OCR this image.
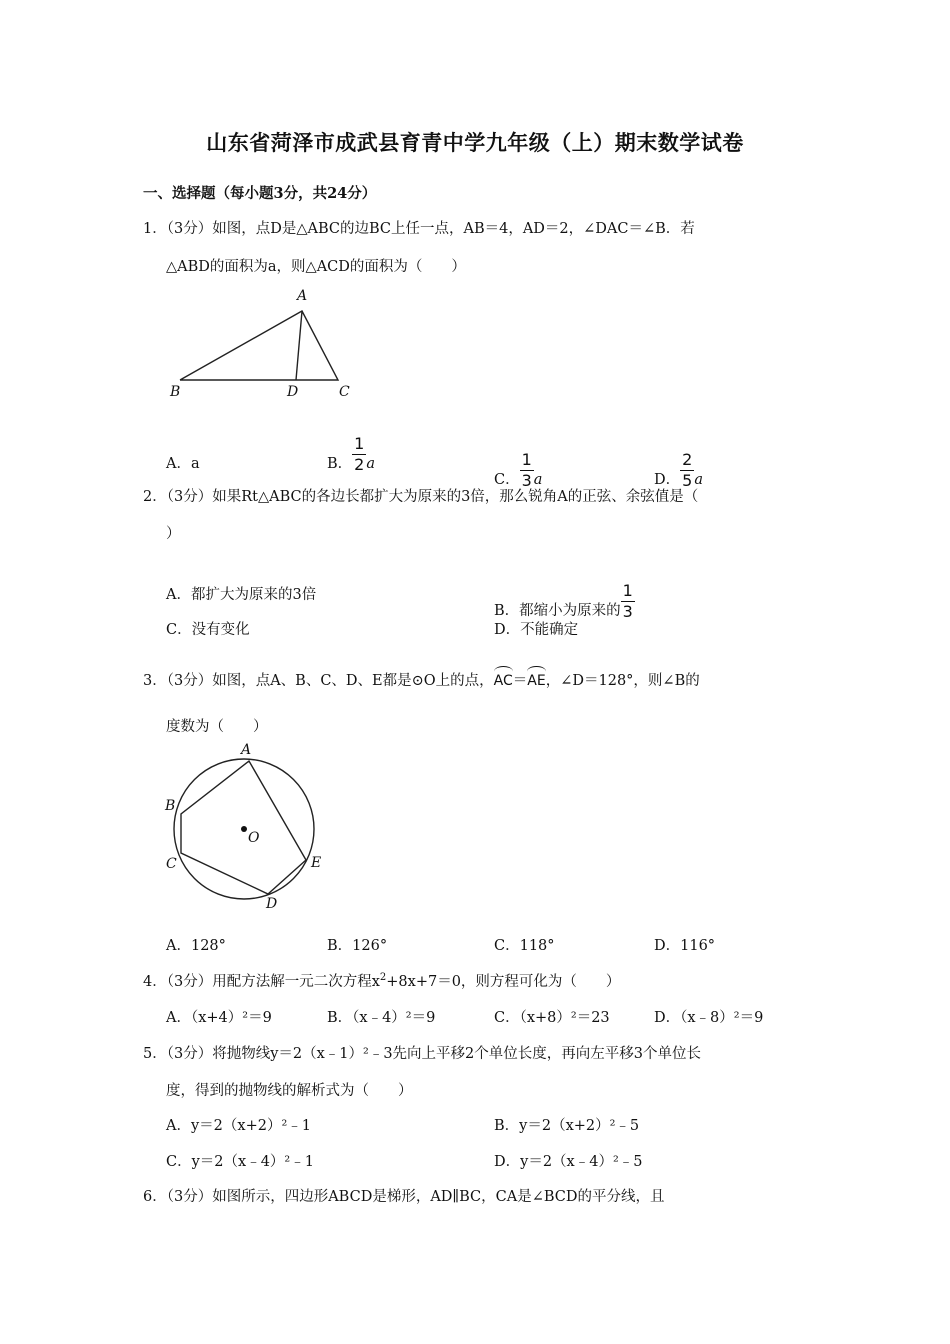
山东省菏泽市成武县育青中学九年级（上）期末数学试卷
一、选择题（每小题3分，共24分）
1．（3分）如图，点D是△ABC的边BC上任一点，AB＝4，AD＝2，∠DAC＝∠B．若
△ABD的面积为a，则△ACD的面积为（　　）
A
B	D	C
A．a	B． $\frac{1}{2}$ a
C． $\frac{1}{3}$ a	D． $\frac{2}{5}$ a
2．（3分）如果Rt△ABC的各边长都扩大为原来的3倍，那么锐角A的正弦、余弦值是（
）
A．都扩大为原来的3倍
B．都缩小为原来的 $\frac{1}{3}$
C．没有变化	D．不能确定
3．（3分）如图，点A、B、C、D、E都是⊙O上的点，AC＝AE，∠D＝128°，则∠B的
度数为（　　）
A
B
C
D
E
O
A．128°	B．126°	C．118°	D．116°
4．（3分）用配方法解一元二次方程$x^2+8x+7=0$，则方程可化为（　　）
A．（x+4）²＝9	B．（x﹣4）²＝9	C．（x+8）²＝23	D．（x﹣8）²＝9
5．（3分）将抛物线y＝2（x﹣1）²﹣3先向上平移2个单位长度，再向左平移3个单位长
度，得到的抛物线的解析式为（　　）
A．y＝2（x+2）²﹣1	B．y＝2（x+2）²﹣5
C．y＝2（x﹣4）²﹣1	D．y＝2（x﹣4）²﹣5
6．（3分）如图所示，四边形ABCD是梯形，AD∥BC，CA是∠BCD的平分线，且
